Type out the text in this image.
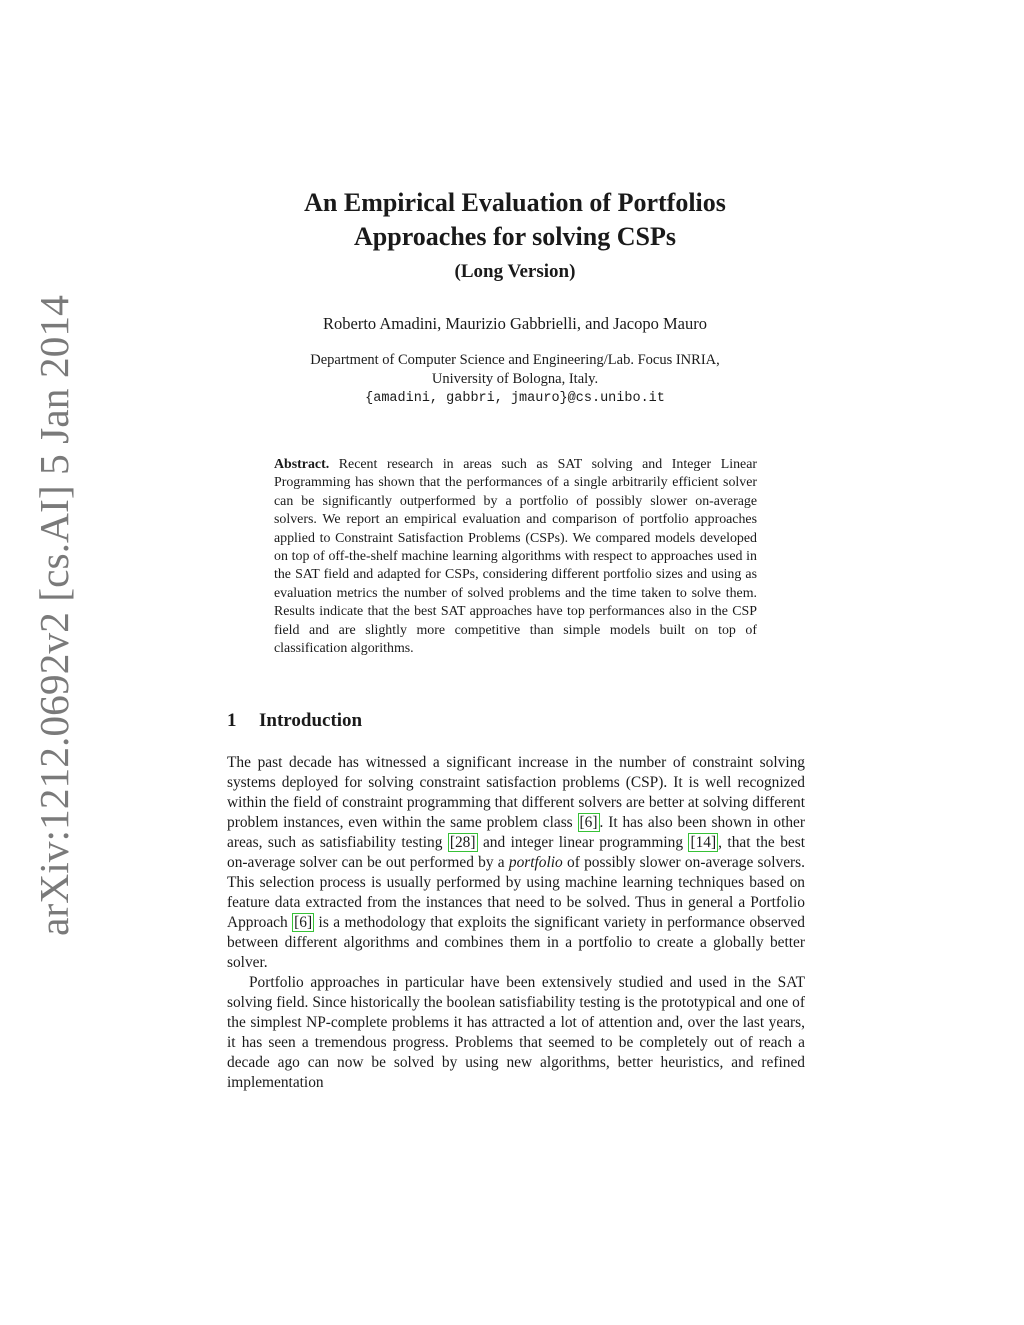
arXiv:1212.0692v2 [cs.AI] 5 Jan 2014
An Empirical Evaluation of Portfolios
Approaches for solving CSPs
(Long Version)
Roberto Amadini, Maurizio Gabbrielli, and Jacopo Mauro
Department of Computer Science and Engineering/Lab. Focus INRIA,
University of Bologna, Italy.
{amadini, gabbri, jmauro}@cs.unibo.it
Abstract. Recent research in areas such as SAT solving and Integer Linear Programming has shown that the performances of a single arbitrarily efficient solver can be significantly outperformed by a portfolio of possibly slower on-average solvers. We report an empirical evaluation and comparison of portfolio approaches applied to Constraint Satisfaction Problems (CSPs). We compared models developed on top of off-the-shelf machine learning algorithms with respect to approaches used in the SAT field and adapted for CSPs, considering different portfolio sizes and using as evaluation metrics the number of solved problems and the time taken to solve them. Results indicate that the best SAT approaches have top performances also in the CSP field and are slightly more competitive than simple models built on top of classification algorithms.
1 Introduction

The past decade has witnessed a significant increase in the number of constraint solving systems deployed for solving constraint satisfaction problems (CSP). It is well recognized within the field of constraint programming that different solvers are better at solving different problem instances, even within the same problem class [6] . It has also been shown in other areas, such as satisfiability testing [28] and integer linear programming [14] , that the best on-average solver can be out performed by a portfolio of possibly slower on-average solvers. This selection process is usually performed by using machine learning techniques based on feature data extracted from the instances that need to be solved. Thus in general a Portfolio Approach [6] is a methodology that exploits the significant variety in performance observed between different algorithms and combines them in a portfolio to create a globally better solver.

Portfolio approaches in particular have been extensively studied and used in the SAT solving field. Since historically the boolean satisfiability testing is the prototypical and one of the simplest NP-complete problems it has attracted a lot of attention and, over the last years, it has seen a tremendous progress. Problems that seemed to be completely out of reach a decade ago can now be solved by using new algorithms, better heuristics, and refined implementation
